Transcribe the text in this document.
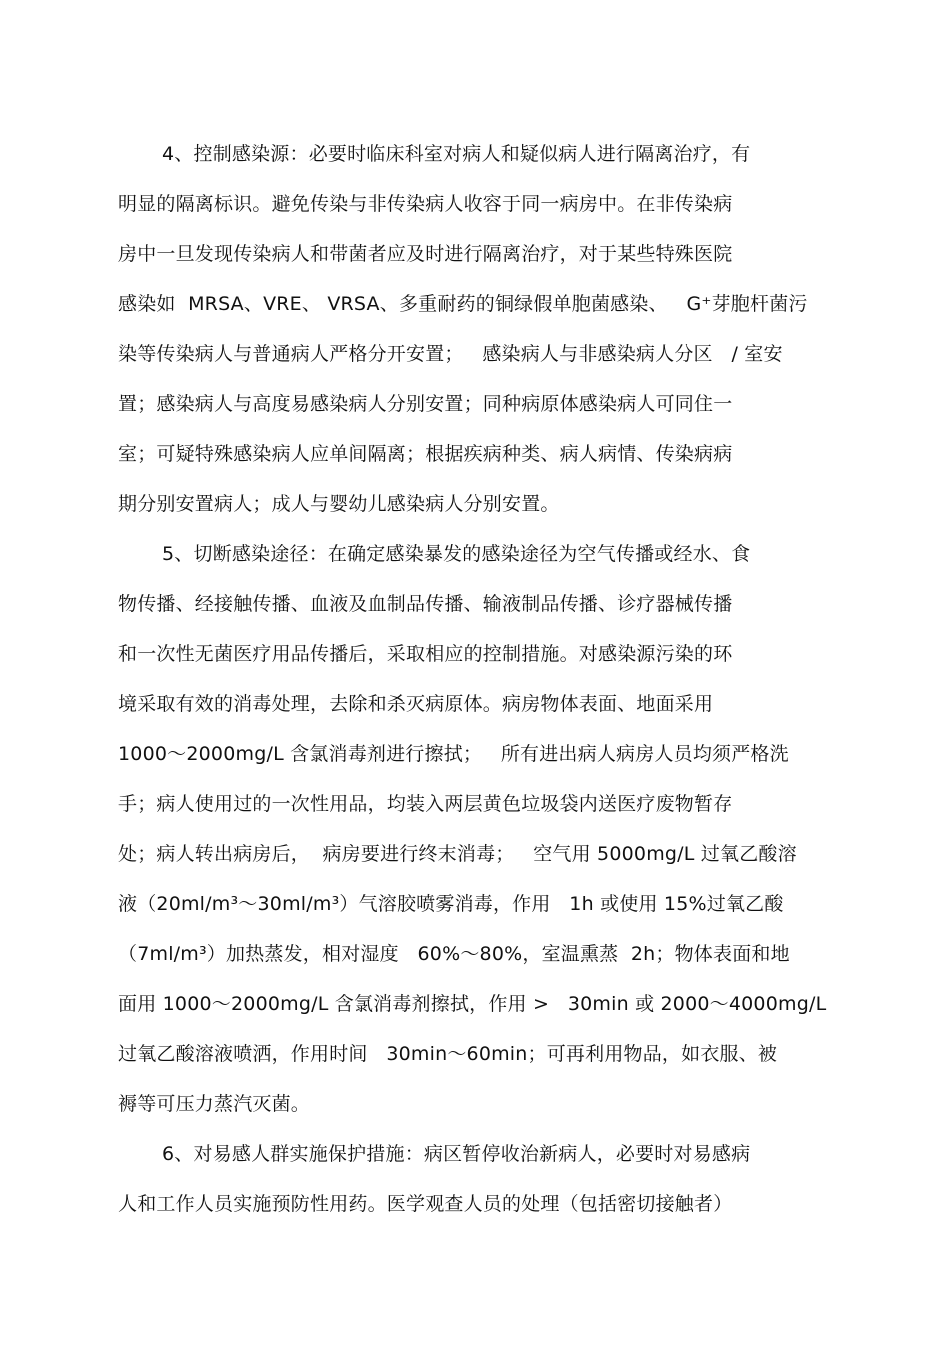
4、控制感染源：必要时临床科室对病人和疑似病人进行隔离治疗，有
明显的隔离标识。避免传染与非传染病人收容于同一病房中。在非传染病
房中一旦发现传染病人和带菌者应及时进行隔离治疗，对于某些特殊医院
感染如  MRSA、VRE、 VRSA、多重耐药的铜绿假单胞菌感染、   G⁺芽胞杆菌污
染等传染病人与普通病人严格分开安置；   感染病人与非感染病人分区   / 室安
置；感染病人与高度易感染病人分别安置；同种病原体感染病人可同住一
室；可疑特殊感染病人应单间隔离；根据疾病种类、病人病情、传染病病
期分别安置病人；成人与婴幼儿感染病人分别安置。
5、切断感染途径：在确定感染暴发的感染途径为空气传播或经水、食
物传播、经接触传播、血液及血制品传播、输液制品传播、诊疗器械传播
和一次性无菌医疗用品传播后，采取相应的控制措施。对感染源污染的环
境采取有效的消毒处理，去除和杀灭病原体。病房物体表面、地面采用
1000～2000mg/L 含氯消毒剂进行擦拭；   所有进出病人病房人员均须严格洗
手；病人使用过的一次性用品，均装入两层黄色垃圾袋内送医疗废物暂存
处；病人转出病房后，  病房要进行终末消毒；   空气用 5000mg/L 过氧乙酸溶
液（20ml/m³～30ml/m³）气溶胶喷雾消毒，作用   1h 或使用 15%过氧乙酸
（7ml/m³）加热蒸发，相对湿度   60%～80%，室温熏蒸  2h；物体表面和地
面用 1000～2000mg/L 含氯消毒剂擦拭，作用 >   30min 或 2000～4000mg/L
过氧乙酸溶液喷洒，作用时间   30min～60min；可再利用物品，如衣服、被
褥等可压力蒸汽灭菌。
6、对易感人群实施保护措施：病区暂停收治新病人，必要时对易感病
人和工作人员实施预防性用药。医学观查人员的处理（包括密切接触者）
